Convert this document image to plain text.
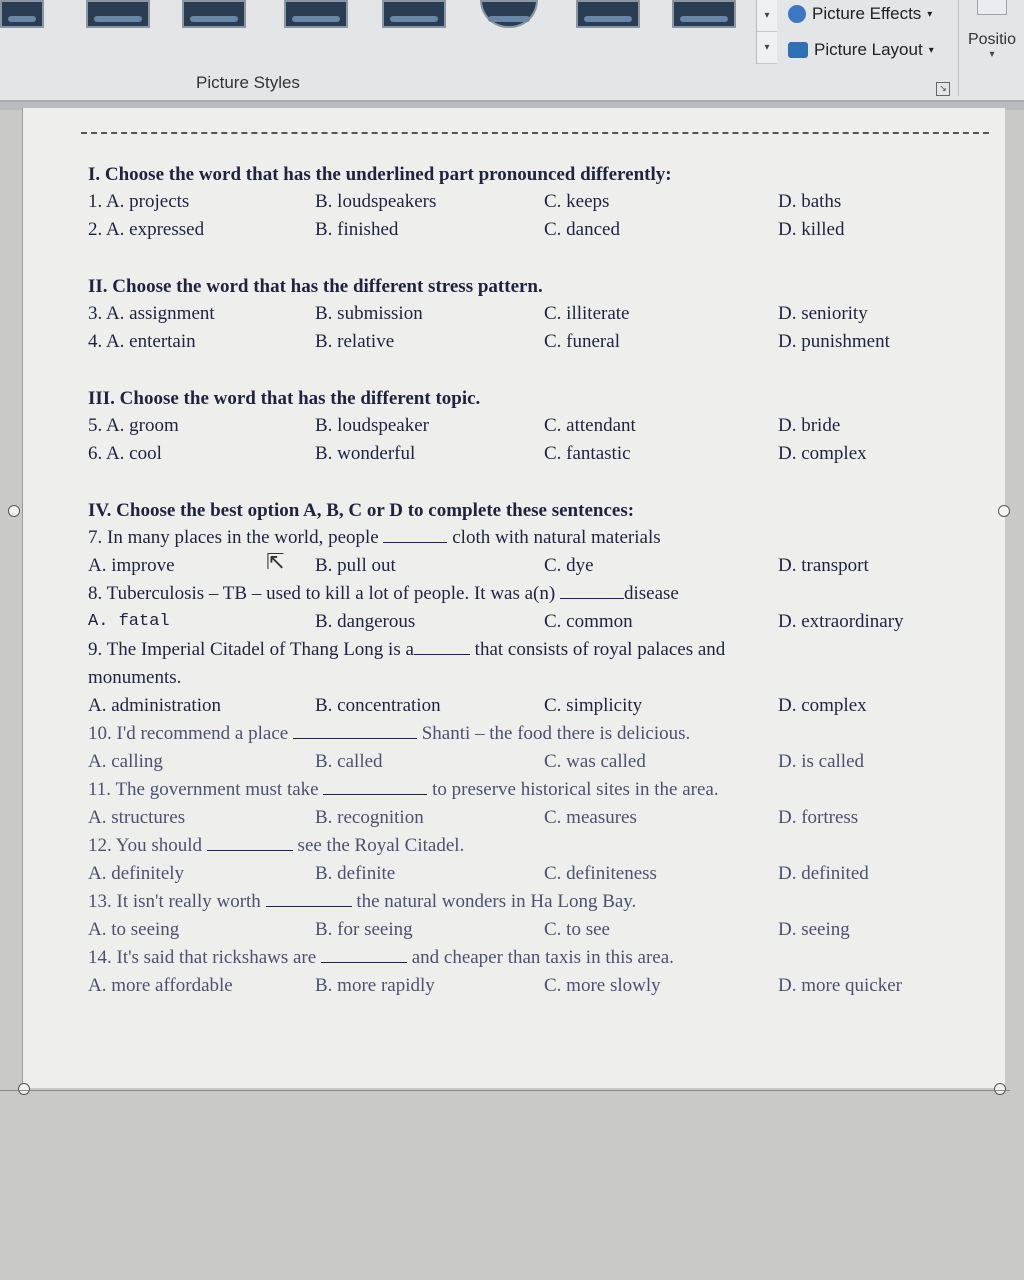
▾
▾
Picture Effects ▾
Picture Layout ▾
Picture Styles	↘
Positio
▾
I. Choose the word that has the underlined part pronounced differently:
1. A. projects	B. loudspeakers	C. keeps	D. baths
2. A. expressed	B. finished	C. danced	D. killed
II. Choose the word that has the different stress pattern.
3. A. assignment	B. submission	C. illiterate	D. seniority
4. A. entertain	B. relative	C. funeral	D. punishment
III. Choose the word that has the different topic.
5. A. groom	B. loudspeaker	C. attendant	D. bride
6. A. cool	B. wonderful	C. fantastic	D. complex
IV. Choose the best option A, B, C or D to complete these sentences:
7. In many places in the world, people	cloth with natural materials
A. improve	B. pull out	C. dye	D. transport
8. Tuberculosis – TB – used to kill a lot of people. It was a(n)	disease
A. fatal	B. dangerous	C. common	D. extraordinary
9. The Imperial Citadel of Thang Long is a	that consists of royal palaces and
monuments.
A. administration	B. concentration	C. simplicity	D. complex
10. I'd recommend a place	Shanti – the food there is delicious.
A. calling	B. called	C. was called	D. is called
11. The government must take	to preserve historical sites in the area.
A. structures	B. recognition	C. measures	D. fortress
12. You should	see the Royal Citadel.
A. definitely	B. definite	C. definiteness	D. definited
13. It isn't really worth	the natural wonders in Ha Long Bay.
A. to seeing	B. for seeing	C. to see	D. seeing
14. It's said that rickshaws are	and cheaper than taxis in this area.
A. more affordable	B. more rapidly	C. more slowly	D. more quicker
⇱
